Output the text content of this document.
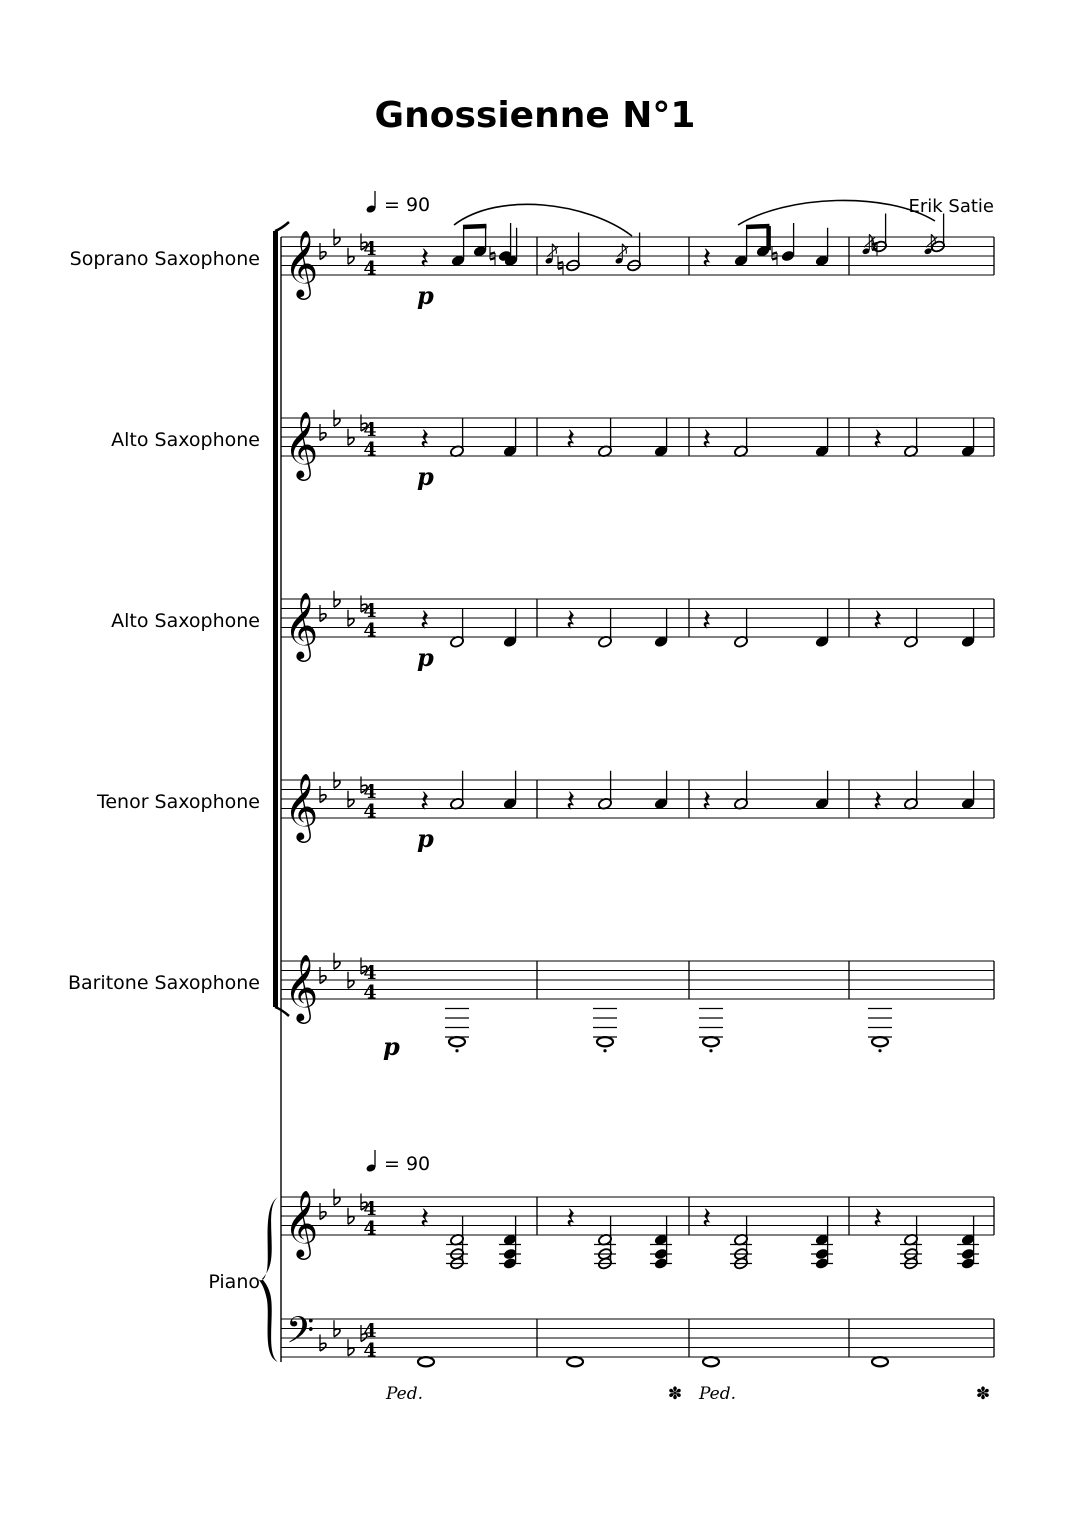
Gnossienne N°1
Erik Satie
= 90
= 90
Soprano Saxophone
Alto Saxophone
Alto Saxophone
Tenor Saxophone
Baritone Saxophone
Piano
𝄞 4
4
𝄞 4
4
𝄞 4
4
𝄞 4
4
𝄞 4
4
𝄞 4
4
𝄢	4
4
𝄽	𝄽
p
𝄽	𝄽	𝄽	𝄽
p
𝄽	𝄽	𝄽	𝄽
p
𝄽	𝄽	𝄽	𝄽
p
p
𝄽	𝄽	𝄽	𝄽
Ped.	Ped.
✽	✽
